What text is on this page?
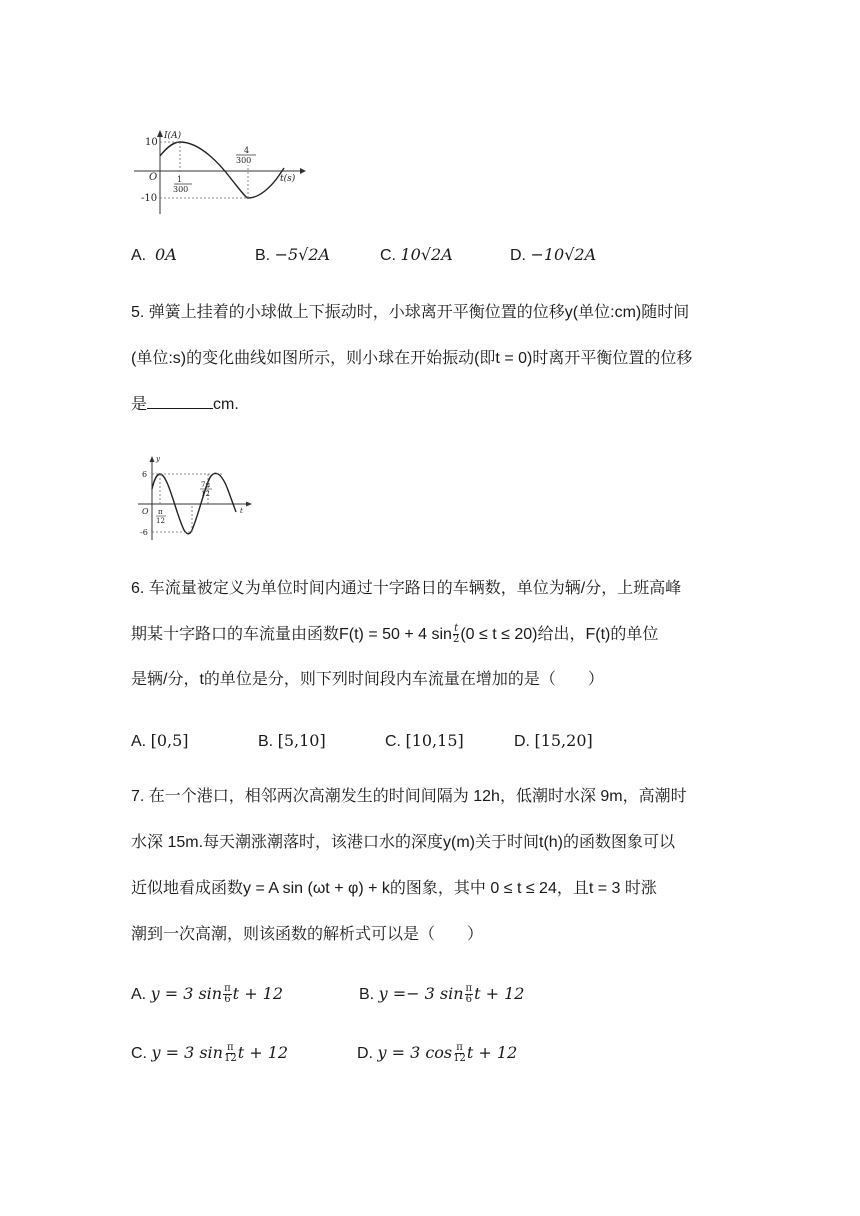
I(A)
10
O
-10
t(s)
1
300
4
300
A. 0A	B. −5√2A	C. 10√2A	D. −10√2A
5. 弹簧上挂着的小球做上下振动时，小球离开平衡位置的位移y(单位:cm)随时间
(单位:s)的变化曲线如图所示，则小球在开始振动(即t = 0)时离开平衡位置的位移
是	cm.
y
6
O
-6
t
π
12
7π
12
6. 车流量被定义为单位时间内通过十字路日的车辆数，单位为辆/分，上班高峰
期某十字路口的车流量由函数F(t) = 50 + 4 $\sin \frac{t}{2} (0 \le t \le 20)$给出，F(t)的单位
是辆/分，t的单位是分，则下列时间段内车流量在增加的是（　　）
A. [0,5]	B. [5,10]	C. [10,15]	D. [15,20]
7. 在一个港口，相邻两次高潮发生的时间间隔为 12h，低潮时水深 9m，高潮时
水深 15m.每天潮涨潮落时，该港口水的深度y(m)关于时间t(h)的函数图象可以
近似地看成函数y = A sin (ωt + φ) + k的图象，其中 0 ≤ t ≤ 24，且t = 3 时涨
潮到一次高潮，则该函数的解析式可以是（　　）
A. y = 3 $\sin \frac{\pi}{6}$ t + 12	B. y =− 3 $\sin \frac{\pi}{6}$ t + 12
C. y = 3 $\sin \frac{\pi}{12}$ t + 12	D. y = 3 $\cos \frac{\pi}{12}$ t + 12
